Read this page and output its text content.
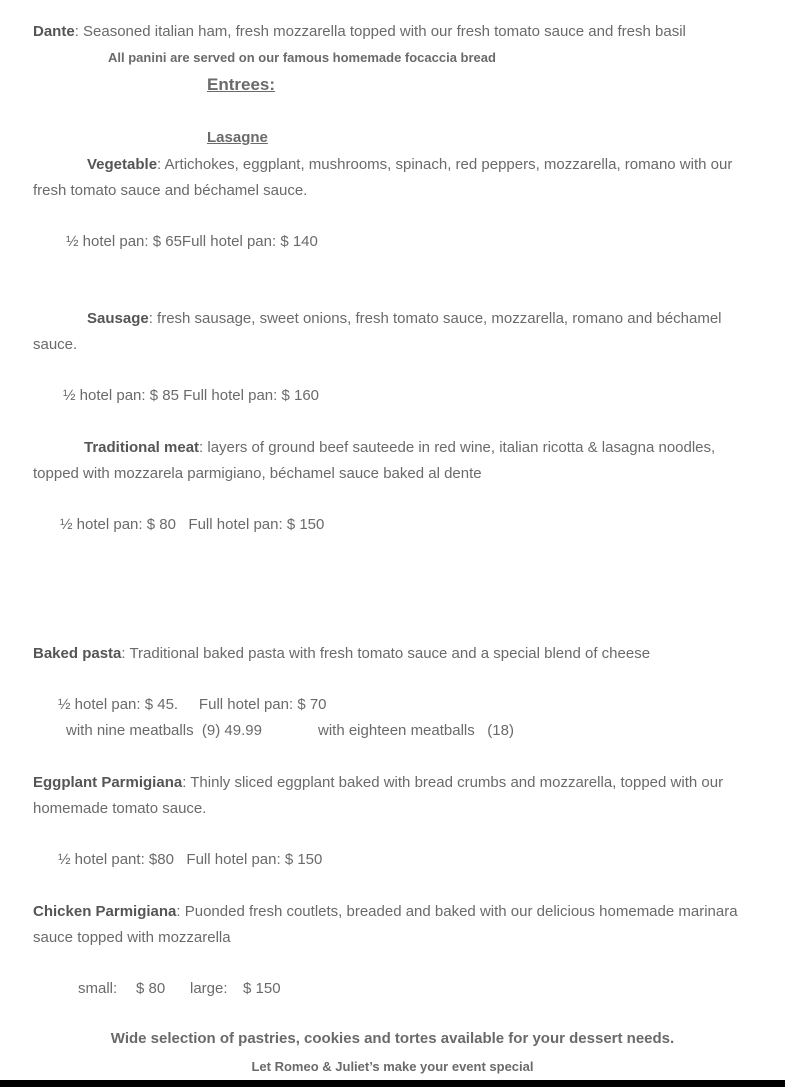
Dante: Seasoned italian ham, fresh mozzarella topped with our fresh tomato sauce and fresh basil
All panini are served on our famous homemade focaccia bread
Entrees:
Lasagne
Vegetable: Artichokes, eggplant, mushrooms, spinach, red peppers, mozzarella, romano with our fresh tomato sauce and béchamel sauce.
½ hotel pan: $ 65Full hotel pan: $ 140
Sausage: fresh sausage, sweet onions, fresh tomato sauce, mozzarella, romano and béchamel sauce.
½ hotel pan: $ 85 Full hotel pan: $ 160
Traditional meat: layers of ground beef sauteede in red wine, italian ricotta & lasagna noodles, topped with mozzarela parmigiano, béchamel sauce baked al dente
½ hotel pan: $ 80   Full hotel pan: $ 150
Baked pasta: Traditional baked pasta with fresh tomato sauce and a special blend of cheese
½ hotel pan: $ 45.     Full hotel pan: $ 70
with nine meatballs  (9) 49.99	with eighteen meatballs   (18)
Eggplant Parmigiana: Thinly sliced eggplant baked with bread crumbs and mozzarella, topped with our homemade tomato sauce.
½ hotel pant: $80   Full hotel pan: $ 150
Chicken Parmigiana: Puonded fresh coutlets, breaded and baked with our delicious homemade marinara sauce topped with mozzarella
small: $ 80 large: $ 150
Wide selection of pastries, cookies and tortes available for your dessert needs.
Let Romeo & Juliet’s make your event special
